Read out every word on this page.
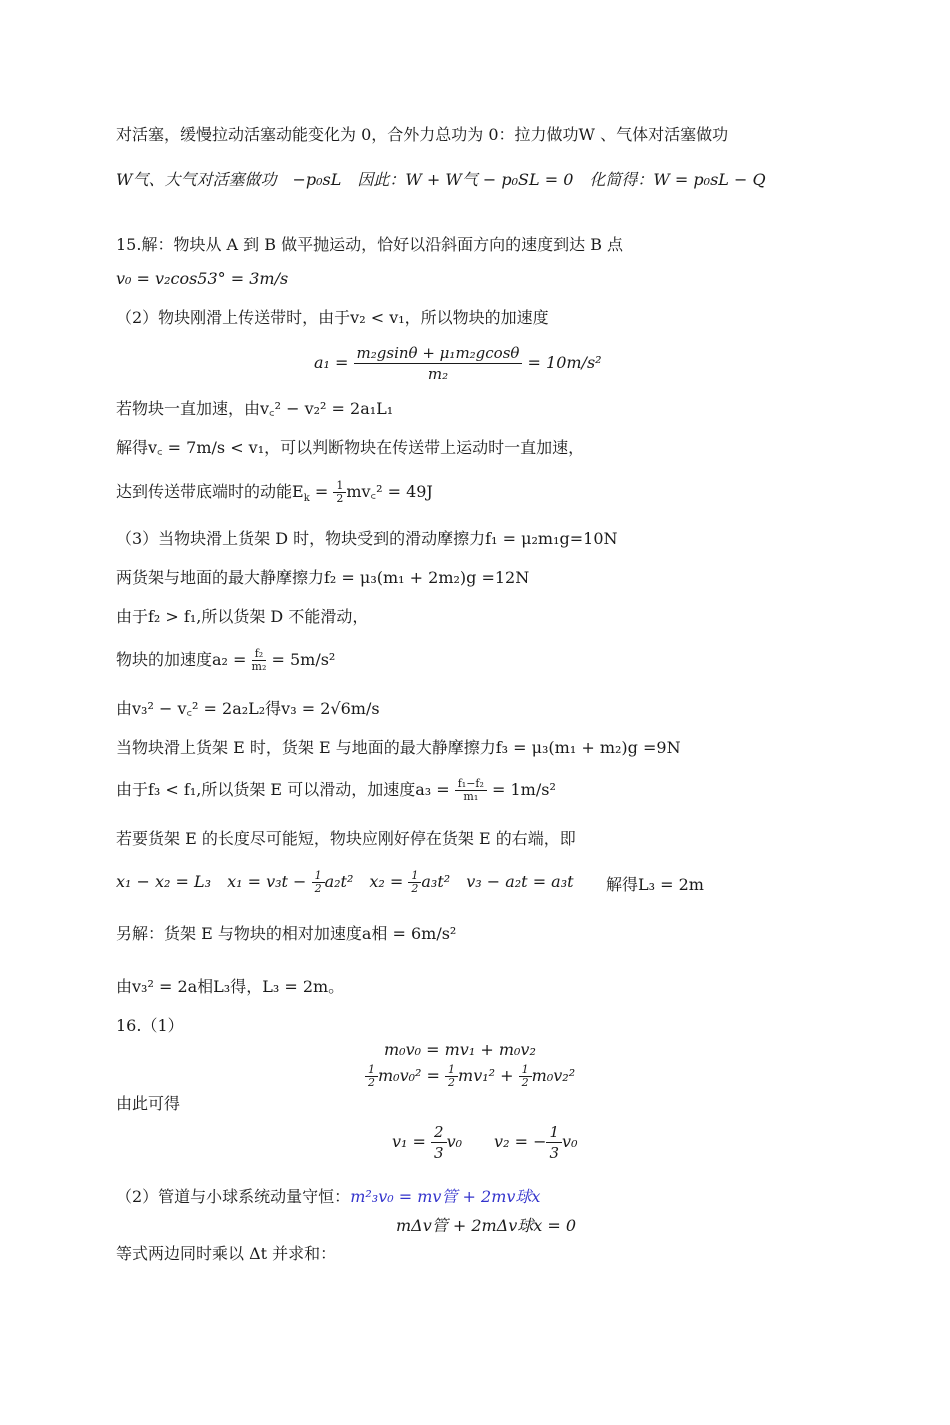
对活塞，缓慢拉动活塞动能变化为 0，合外力总功为 0：拉力做功W 、气体对活塞做功
W气、大气对活塞做功　−p₀sL　因此：W + W气 − p₀SL = 0　化简得：W = p₀sL − Q
15.解：物块从 A 到 B 做平抛运动，恰好以沿斜面方向的速度到达 B 点
v₀ = v₂cos53° = 3m/s
（2）物块刚滑上传送带时，由于v₂ < v₁，所以物块的加速度
$a_1 = \frac{\text{m₂gsinθ + μ₁m₂gcosθ}}{\text{m₂}} = 10m/s^2$
若物块一直加速，由v꜀² − v₂² = 2a₁L₁
解得v꜀ = 7m/s < v₁，可以判断物块在传送带上运动时一直加速，
达到传送带底端时的动能$E_k = \frac{1}{2}$ mv꜀² = 49J
（3）当物块滑上货架 D 时，物块受到的滑动摩擦力f₁ = μ₂m₁g=10N
两货架与地面的最大静摩擦力f₂ = μ₃(m₁ + 2m₂)g =12N
由于f₂ > f₁,所以货架 D 不能滑动，
物块的加速度$a_2 = \frac{\text{f₂}}{\text{m₂}} = 5m/s^2$
由v₃² − v꜀² = 2a₂L₂得v₃ = 2√6m/s
当物块滑上货架 E 时，货架 E 与地面的最大静摩擦力f₃ = μ₃(m₁ + m₂)g =9N
由于f₃ < f₁,所以货架 E 可以滑动，加速度$a_3 = \frac{\text{f₁−f₂}}{\text{m₁}} = 1m/s^2$
若要货架 E 的长度尽可能短，物块应刚好停在货架 E 的右端，即
x₁ − x₂ = L₃　$x_1 = v_3t - \frac{1}{2} a_2t^2$　$x_2 = \frac{1}{2} a_3t^2$　v₃ − a₂t = a₃t 解得L₃ = 2m
另解：货架 E 与物块的相对加速度a相 = 6m/s²
由v₃² = 2a相L₃得，L₃ = 2m。
16.（1）
m₀v₀ = mv₁ + m₀v₂
$\frac{1}{2} m_0v_0^2 = \frac{1}{2} mv_1^2 + \frac{1}{2} m_0v_2^2$
由此可得
$v_1 = \frac{2}{3} v_0$　　v₂ = − $\frac{1}{3} v_0$
（2）管道与小球系统动量守恒：m²₃v₀ = mv管 + 2mv球x
mΔv管 + 2mΔv球x = 0
等式两边同时乘以 Δt 并求和：
